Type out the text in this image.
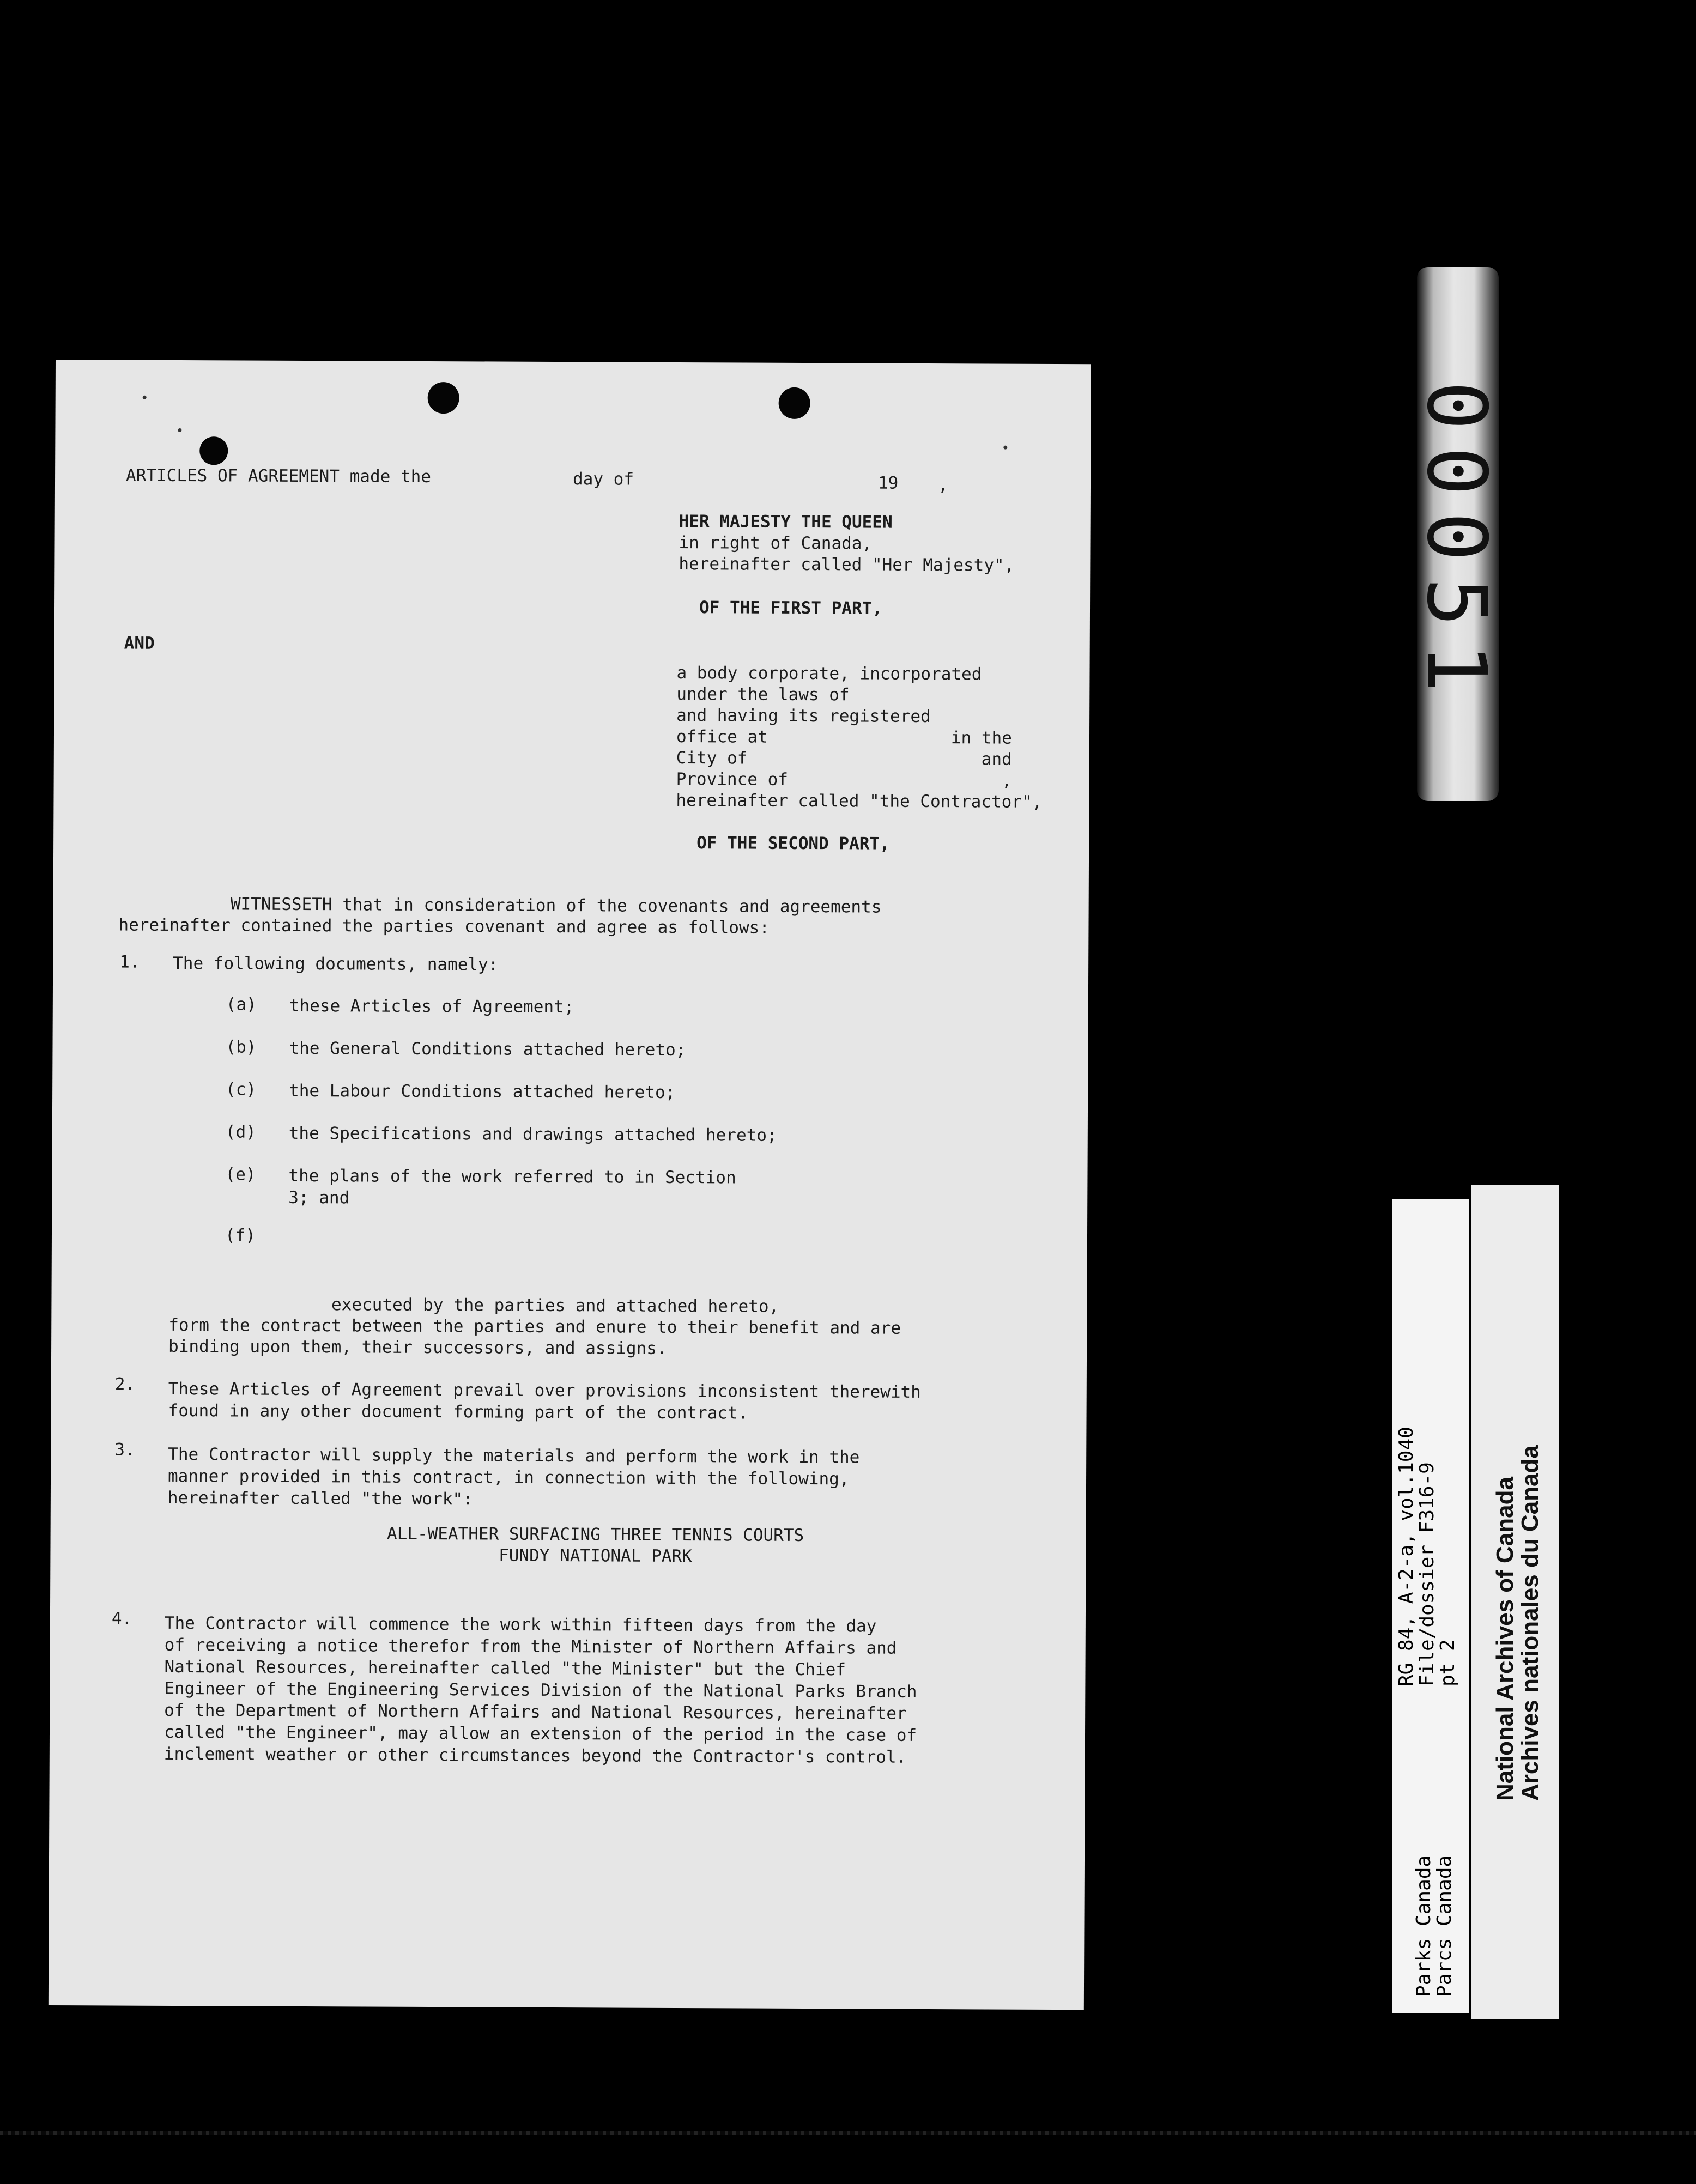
ARTICLES OF AGREEMENT made the	day of	19 ,
HER MAJESTY THE QUEEN
in right of Canada,
hereinafter called "Her Majesty",
OF THE FIRST PART,
AND
a body corporate, incorporated
under the laws of
and having its registered
office at                  in the
City of                       and
Province of                     ,
hereinafter called "the Contractor",
OF THE SECOND PART,
WITNESSETH that in consideration of the covenants and agreements
hereinafter contained the parties covenant and agree as follows:
1. The following documents, namely:
(a) these Articles of Agreement;
(b) the General Conditions attached hereto;
(c) the Labour Conditions attached hereto;
(d) the Specifications and drawings attached hereto;
(e) the plans of the work referred to in Section
3; and
(f)
executed by the parties and attached hereto,
form the contract between the parties and enure to their benefit and are
binding upon them, their successors, and assigns.
2. These Articles of Agreement prevail over provisions inconsistent therewith
found in any other document forming part of the contract.
3. The Contractor will supply the materials and perform the work in the
manner provided in this contract, in connection with the following,
hereinafter called "the work":
ALL-WEATHER SURFACING THREE TENNIS COURTS
FUNDY NATIONAL PARK
4. The Contractor will commence the work within fifteen days from the day
of receiving a notice therefor from the Minister of Northern Affairs and
National Resources, hereinafter called "the Minister" but the Chief
Engineer of the Engineering Services Division of the National Parks Branch
of the Department of Northern Affairs and National Resources, hereinafter
called "the Engineer", may allow an extension of the period in the case of
inclement weather or other circumstances beyond the Contractor's control.
00051
RG 84, A-2-a, vol.1040
File/dossier F316-9
pt 2
Parks Canada
Parcs Canada
National Archives of Canada
Archives nationales du Canada
